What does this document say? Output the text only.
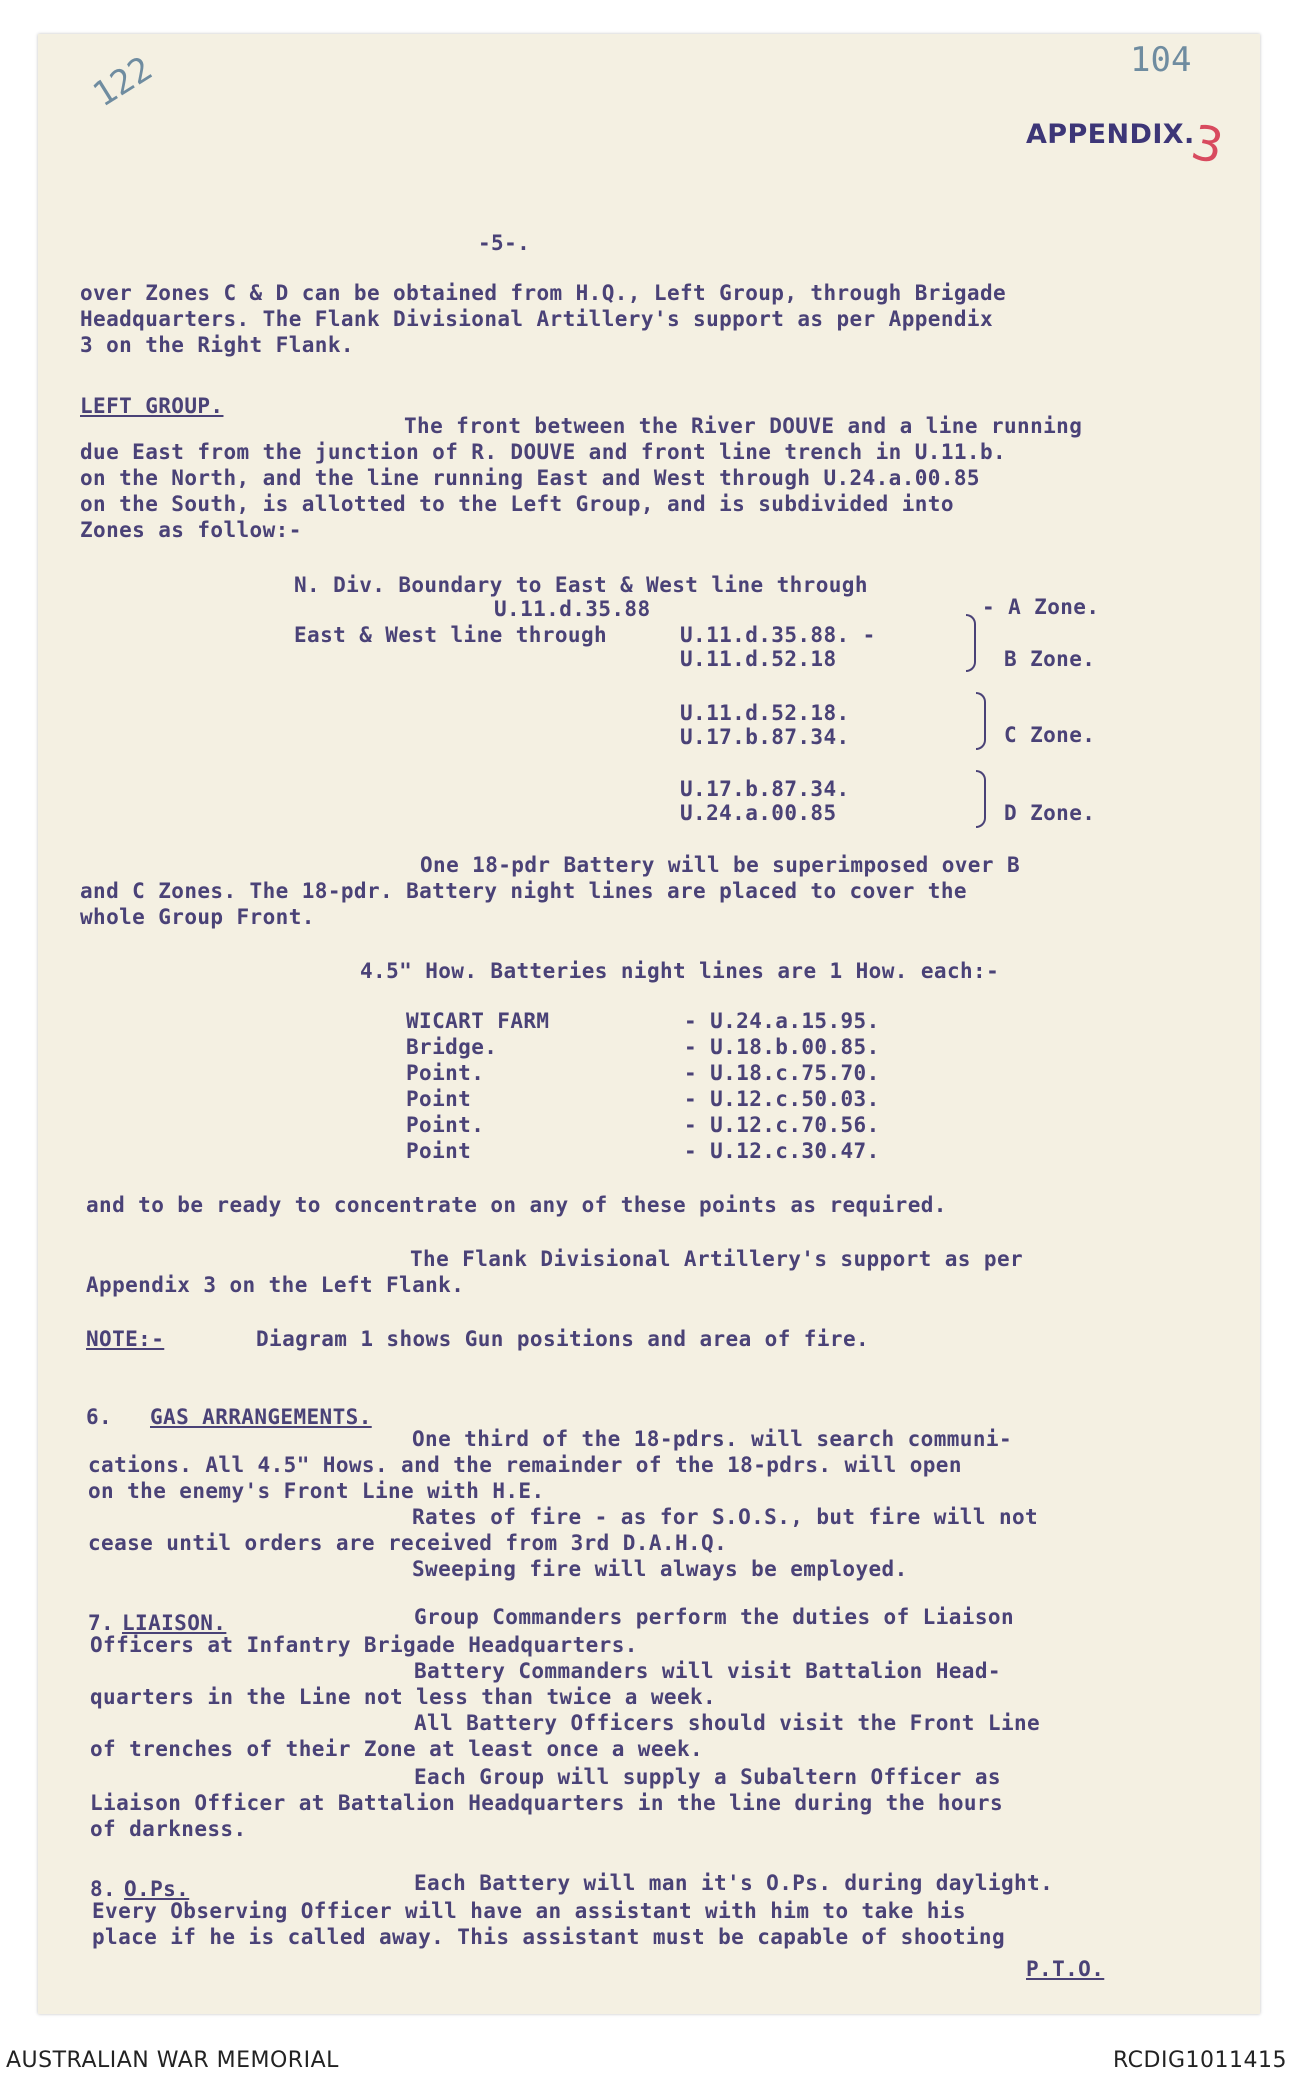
122	104
APPENDIX.
3
-5-.
over Zones C & D can be obtained from H.Q., Left Group, through Brigade
Headquarters. The Flank Divisional Artillery's support as per Appendix
3 on the Right Flank.
LEFT GROUP.
The front between the River DOUVE and a line running
due East from the junction of R. DOUVE and front line trench in U.11.b.
on the North, and the line running East and West through U.24.a.00.85
on the South, is allotted to the Left Group, and is subdivided into
Zones as follow:-
N. Div. Boundary to East & West line through
U.11.d.35.88	- A Zone.
East & West line through	U.11.d.35.88. -
U.11.d.52.18	B Zone.
U.11.d.52.18.
U.17.b.87.34.	C Zone.
U.17.b.87.34.
U.24.a.00.85	D Zone.
One 18-pdr Battery will be superimposed over B
and C Zones. The 18-pdr. Battery night lines are placed to cover the
whole Group Front.
4.5" How. Batteries night lines are 1 How. each:-
WICART FARM	- U.24.a.15.95.
Bridge.	- U.18.b.00.85.
Point.	- U.18.c.75.70.
Point	- U.12.c.50.03.
Point.	- U.12.c.70.56.
Point	- U.12.c.30.47.
and to be ready to concentrate on any of these points as required.
The Flank Divisional Artillery's support as per
Appendix 3 on the Left Flank.
NOTE:-	Diagram 1 shows Gun positions and area of fire.
6. GAS ARRANGEMENTS.
One third of the 18-pdrs. will search communi-
cations. All 4.5" Hows. and the remainder of the 18-pdrs. will open
on the enemy's Front Line with H.E.
Rates of fire - as for S.O.S., but fire will not
cease until orders are received from 3rd D.A.H.Q.
Sweeping fire will always be employed.
7. LIAISON.	Group Commanders perform the duties of Liaison
Officers at Infantry Brigade Headquarters.
Battery Commanders will visit Battalion Head-
quarters in the Line not less than twice a week.
All Battery Officers should visit the Front Line
of trenches of their Zone at least once a week.
Each Group will supply a Subaltern Officer as
Liaison Officer at Battalion Headquarters in the line during the hours
of darkness.
8. O.Ps.	Each Battery will man it's O.Ps. during daylight.
Every Observing Officer will have an assistant with him to take his
place if he is called away. This assistant must be capable of shooting
P.T.O.
AUSTRALIAN WAR MEMORIAL	RCDIG1011415
